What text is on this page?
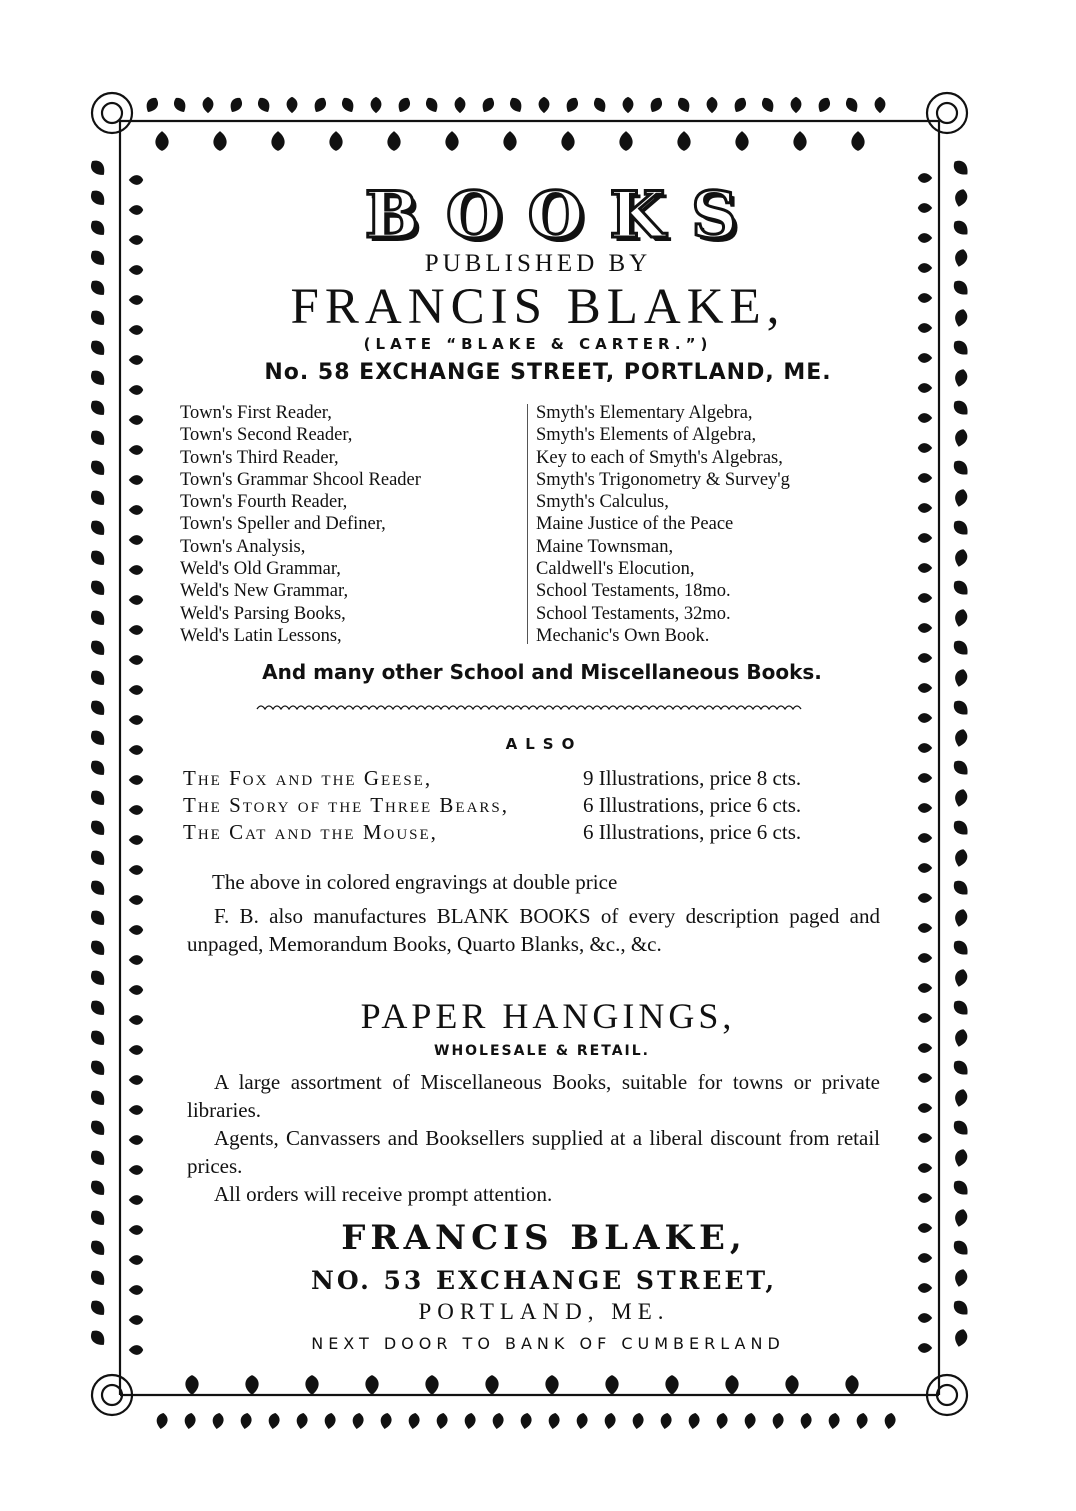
BOOKS
PUBLISHED BY
FRANCIS BLAKE,
(LATE “BLAKE & CARTER.”)
No. 58 EXCHANGE STREET, PORTLAND, ME.
Town's First Reader,
Town's Second Reader,
Town's Third Reader,
Town's Grammar Shcool Reader
Town's Fourth Reader,
Town's Speller and Definer,
Town's Analysis,
Weld's Old Grammar,
Weld's New Grammar,
Weld's Parsing Books,
Weld's Latin Lessons,
Smyth's Elementary Algebra,
Smyth's Elements of Algebra,
Key to each of Smyth's Algebras,
Smyth's Trigonometry & Survey'g
Smyth's Calculus,
Maine Justice of the Peace
Maine Townsman,
Caldwell's Elocution,
School Testaments, 18mo.
School Testaments, 32mo.
Mechanic's Own Book.
And many other School and Miscellaneous Books.
ALSO
The Fox and the Geese,	9 Illustrations, price 8 cts.
The Story of the Three Bears,	6 Illustrations, price 6 cts.
The Cat and the Mouse,	6 Illustrations, price 6 cts.
The above in colored engravings at double price
F. B. also manufactures BLANK BOOKS of every description paged and unpaged, Memorandum Books, Quarto Blanks, &c., &c.
PAPER HANGINGS,
WHOLESALE & RETAIL.
A large assortment of Miscellaneous Books, suitable for towns or private libraries.
Agents, Canvassers and Booksellers supplied at a liberal discount from retail prices.
All orders will receive prompt attention.
FRANCIS BLAKE,
NO. 53 EXCHANGE STREET,
PORTLAND, ME.
NEXT DOOR TO BANK OF CUMBERLAND
